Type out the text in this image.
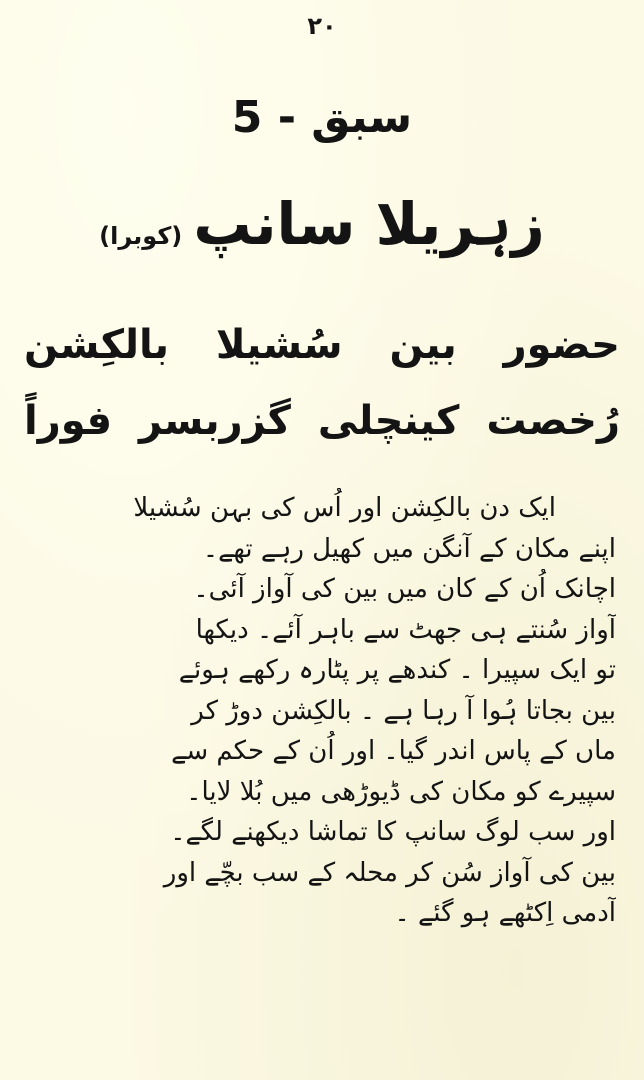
۲۰
سبق - 5
زہریلا سانپ (کوبرا)
حضور
بین
سُشیلا
بالکِشن
رُخصت
کینچلی
گزربسر
فوراً
ایک دن بالکِشن اور اُس کی بہن سُشیلا
اپنے مکان کے آنگن میں کھیل رہے تھے۔
اچانک اُن کے کان میں بین کی آواز آئی۔
آواز سُنتے ہی جھٹ سے باہر آئے۔ دیکھا
تو ایک سپیرا ۔ کندھے پر پٹارہ رکھے ہوئے
بین بجاتا ہُوا آ رہا ہے ۔ بالکِشن دوڑ کر
ماں کے پاس اندر گیا۔ اور اُن کے حکم سے
سپیرے کو مکان کی ڈیوڑھی میں بُلا لایا۔
اور سب لوگ سانپ کا تماشا دیکھنے لگے۔
بین کی آواز سُن کر محلہ کے سب بچّے اور
آدمی اِکٹھے ہو گئے ۔
